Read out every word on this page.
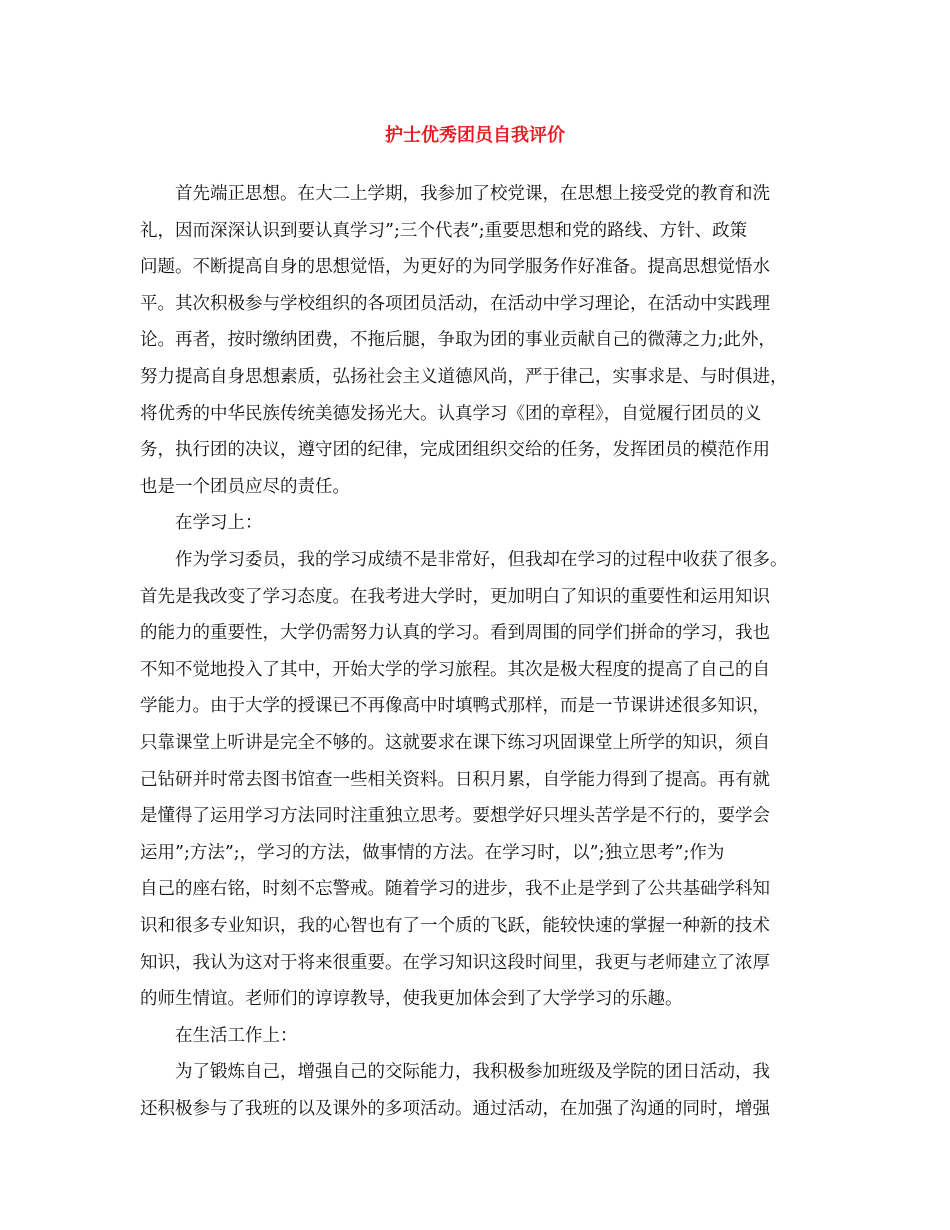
护士优秀团员自我评价

首先端正思想。在大二上学期，我参加了校党课，在思想上接受党的教育和洗

礼，因而深深认识到要认真学习”;三个代表”;重要思想和党的路线、方针、政策

问题。不断提高自身的思想觉悟，为更好的为同学服务作好准备。提高思想觉悟水

平。其次积极参与学校组织的各项团员活动，在活动中学习理论，在活动中实践理

论。再者，按时缴纳团费，不拖后腿，争取为团的事业贡献自己的微薄之力;此外，

努力提高自身思想素质，弘扬社会主义道德风尚，严于律己，实事求是、与时俱进，

将优秀的中华民族传统美德发扬光大。认真学习《团的章程》，自觉履行团员的义

务，执行团的决议，遵守团的纪律，完成团组织交给的任务，发挥团员的模范作用

也是一个团员应尽的责任。

在学习上：

作为学习委员，我的学习成绩不是非常好，但我却在学习的过程中收获了很多。

首先是我改变了学习态度。在我考进大学时，更加明白了知识的重要性和运用知识

的能力的重要性，大学仍需努力认真的学习。看到周围的同学们拼命的学习，我也

不知不觉地投入了其中，开始大学的学习旅程。其次是极大程度的提高了自己的自

学能力。由于大学的授课已不再像高中时填鸭式那样，而是一节课讲述很多知识，

只靠课堂上听讲是完全不够的。这就要求在课下练习巩固课堂上所学的知识，须自

己钻研并时常去图书馆查一些相关资料。日积月累，自学能力得到了提高。再有就

是懂得了运用学习方法同时注重独立思考。要想学好只埋头苦学是不行的，要学会

运用”;方法”;，学习的方法，做事情的方法。在学习时，以”;独立思考”;作为

自己的座右铭，时刻不忘警戒。随着学习的进步，我不止是学到了公共基础学科知

识和很多专业知识，我的心智也有了一个质的飞跃，能较快速的掌握一种新的技术

知识，我认为这对于将来很重要。在学习知识这段时间里，我更与老师建立了浓厚

的师生情谊。老师们的谆谆教导，使我更加体会到了大学学习的乐趣。

在生活工作上：

为了锻炼自己，增强自己的交际能力，我积极参加班级及学院的团日活动，我

还积极参与了我班的以及课外的多项活动。通过活动，在加强了沟通的同时，增强
